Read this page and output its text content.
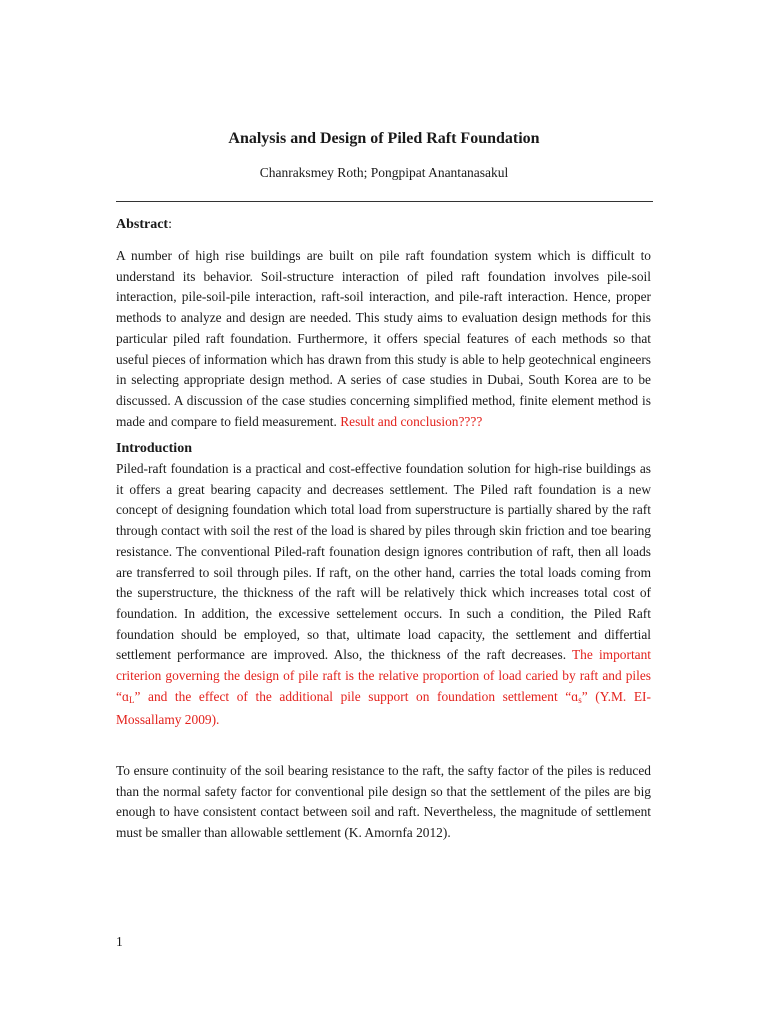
Analysis and Design of Piled Raft Foundation
Chanraksmey Roth; Pongpipat Anantanasakul
Abstract:
A number of high rise buildings are built on pile raft foundation system which is difficult to understand its behavior. Soil-structure interaction of piled raft foundation involves pile-soil interaction, pile-soil-pile interaction, raft-soil interaction, and pile-raft interaction. Hence, proper methods to analyze and design are needed. This study aims to evaluation design methods for this particular piled raft foundation. Furthermore, it offers special features of each methods so that useful pieces of information which has drawn from this study is able to help geotechnical engineers in selecting appropriate design method. A series of case studies in Dubai, South Korea are to be discussed. A discussion of the case studies concerning simplified method, finite element method is made and compare to field measurement. Result and conclusion????
Introduction
Piled-raft foundation is a practical and cost-effective foundation solution for high-rise buildings as it offers a great bearing capacity and decreases settlement. The Piled raft foundation is a new concept of designing foundation which total load from superstructure is partially shared by the raft through contact with soil the rest of the load is shared by piles through skin friction and toe bearing resistance. The conventional Piled-raft founation design ignores contribution of raft, then all loads are transferred to soil through piles. If raft, on the other hand, carries the total loads coming from the superstructure, the thickness of the raft will be relatively thick which increases total cost of foundation. In addition, the excessive settelement occurs. In such a condition, the Piled Raft foundation should be employed, so that, ultimate load capacity, the settlement and differtial settlement performance are improved. Also, the thickness of the raft decreases. The important criterion governing the design of pile raft is the relative proportion of load caried by raft and piles “ɑ$_L$” and the effect of the additional pile support on foundation settlement “ɑ$_s$” (Y.M. EI- Mossallamy 2009).
To ensure continuity of the soil bearing resistance to the raft, the safty factor of the piles is reduced than the normal safety factor for conventional pile design so that the settlement of the piles are big enough to have consistent contact between soil and raft. Nevertheless, the magnitude of settlement must be smaller than allowable settlement (K. Amornfa 2012).
1
